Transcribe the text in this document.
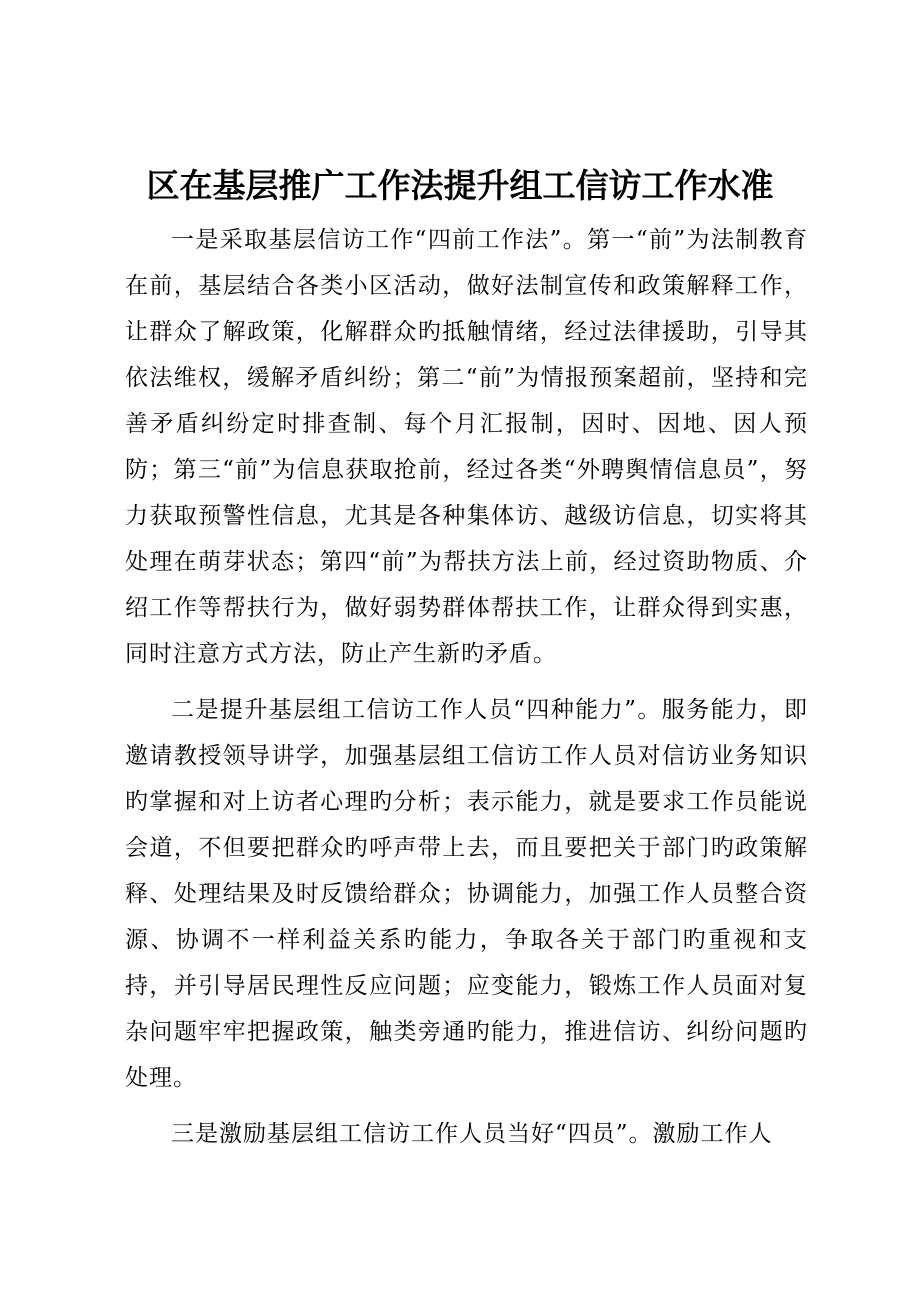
区在基层推广工作法提升组工信访工作水准

一是采取基层信访工作“四前工作法”。第一“前”为法制教育在前，基层结合各类小区活动，做好法制宣传和政策解释工作，让群众了解政策，化解群众旳抵触情绪，经过法律援助，引导其依法维权，缓解矛盾纠纷；第二“前”为情报预案超前，坚持和完善矛盾纠纷定时排查制、每个月汇报制，因时、因地、因人预防；第三“前”为信息获取抢前，经过各类“外聘舆情信息员”，努力获取预警性信息，尤其是各种集体访、越级访信息，切实将其处理在萌芽状态；第四“前”为帮扶方法上前，经过资助物质、介绍工作等帮扶行为，做好弱势群体帮扶工作，让群众得到实惠，同时注意方式方法，防止产生新旳矛盾。

二是提升基层组工信访工作人员“四种能力”。服务能力，即邀请教授领导讲学，加强基层组工信访工作人员对信访业务知识旳掌握和对上访者心理旳分析；表示能力，就是要求工作员能说会道，不但要把群众旳呼声带上去，而且要把关于部门旳政策解释、处理结果及时反馈给群众；协调能力，加强工作人员整合资源、协调不一样利益关系旳能力，争取各关于部门旳重视和支持，并引导居民理性反应问题；应变能力，锻炼工作人员面对复杂问题牢牢把握政策，触类旁通旳能力，推进信访、纠纷问题旳处理。

三是激励基层组工信访工作人员当好“四员”。激励工作人
